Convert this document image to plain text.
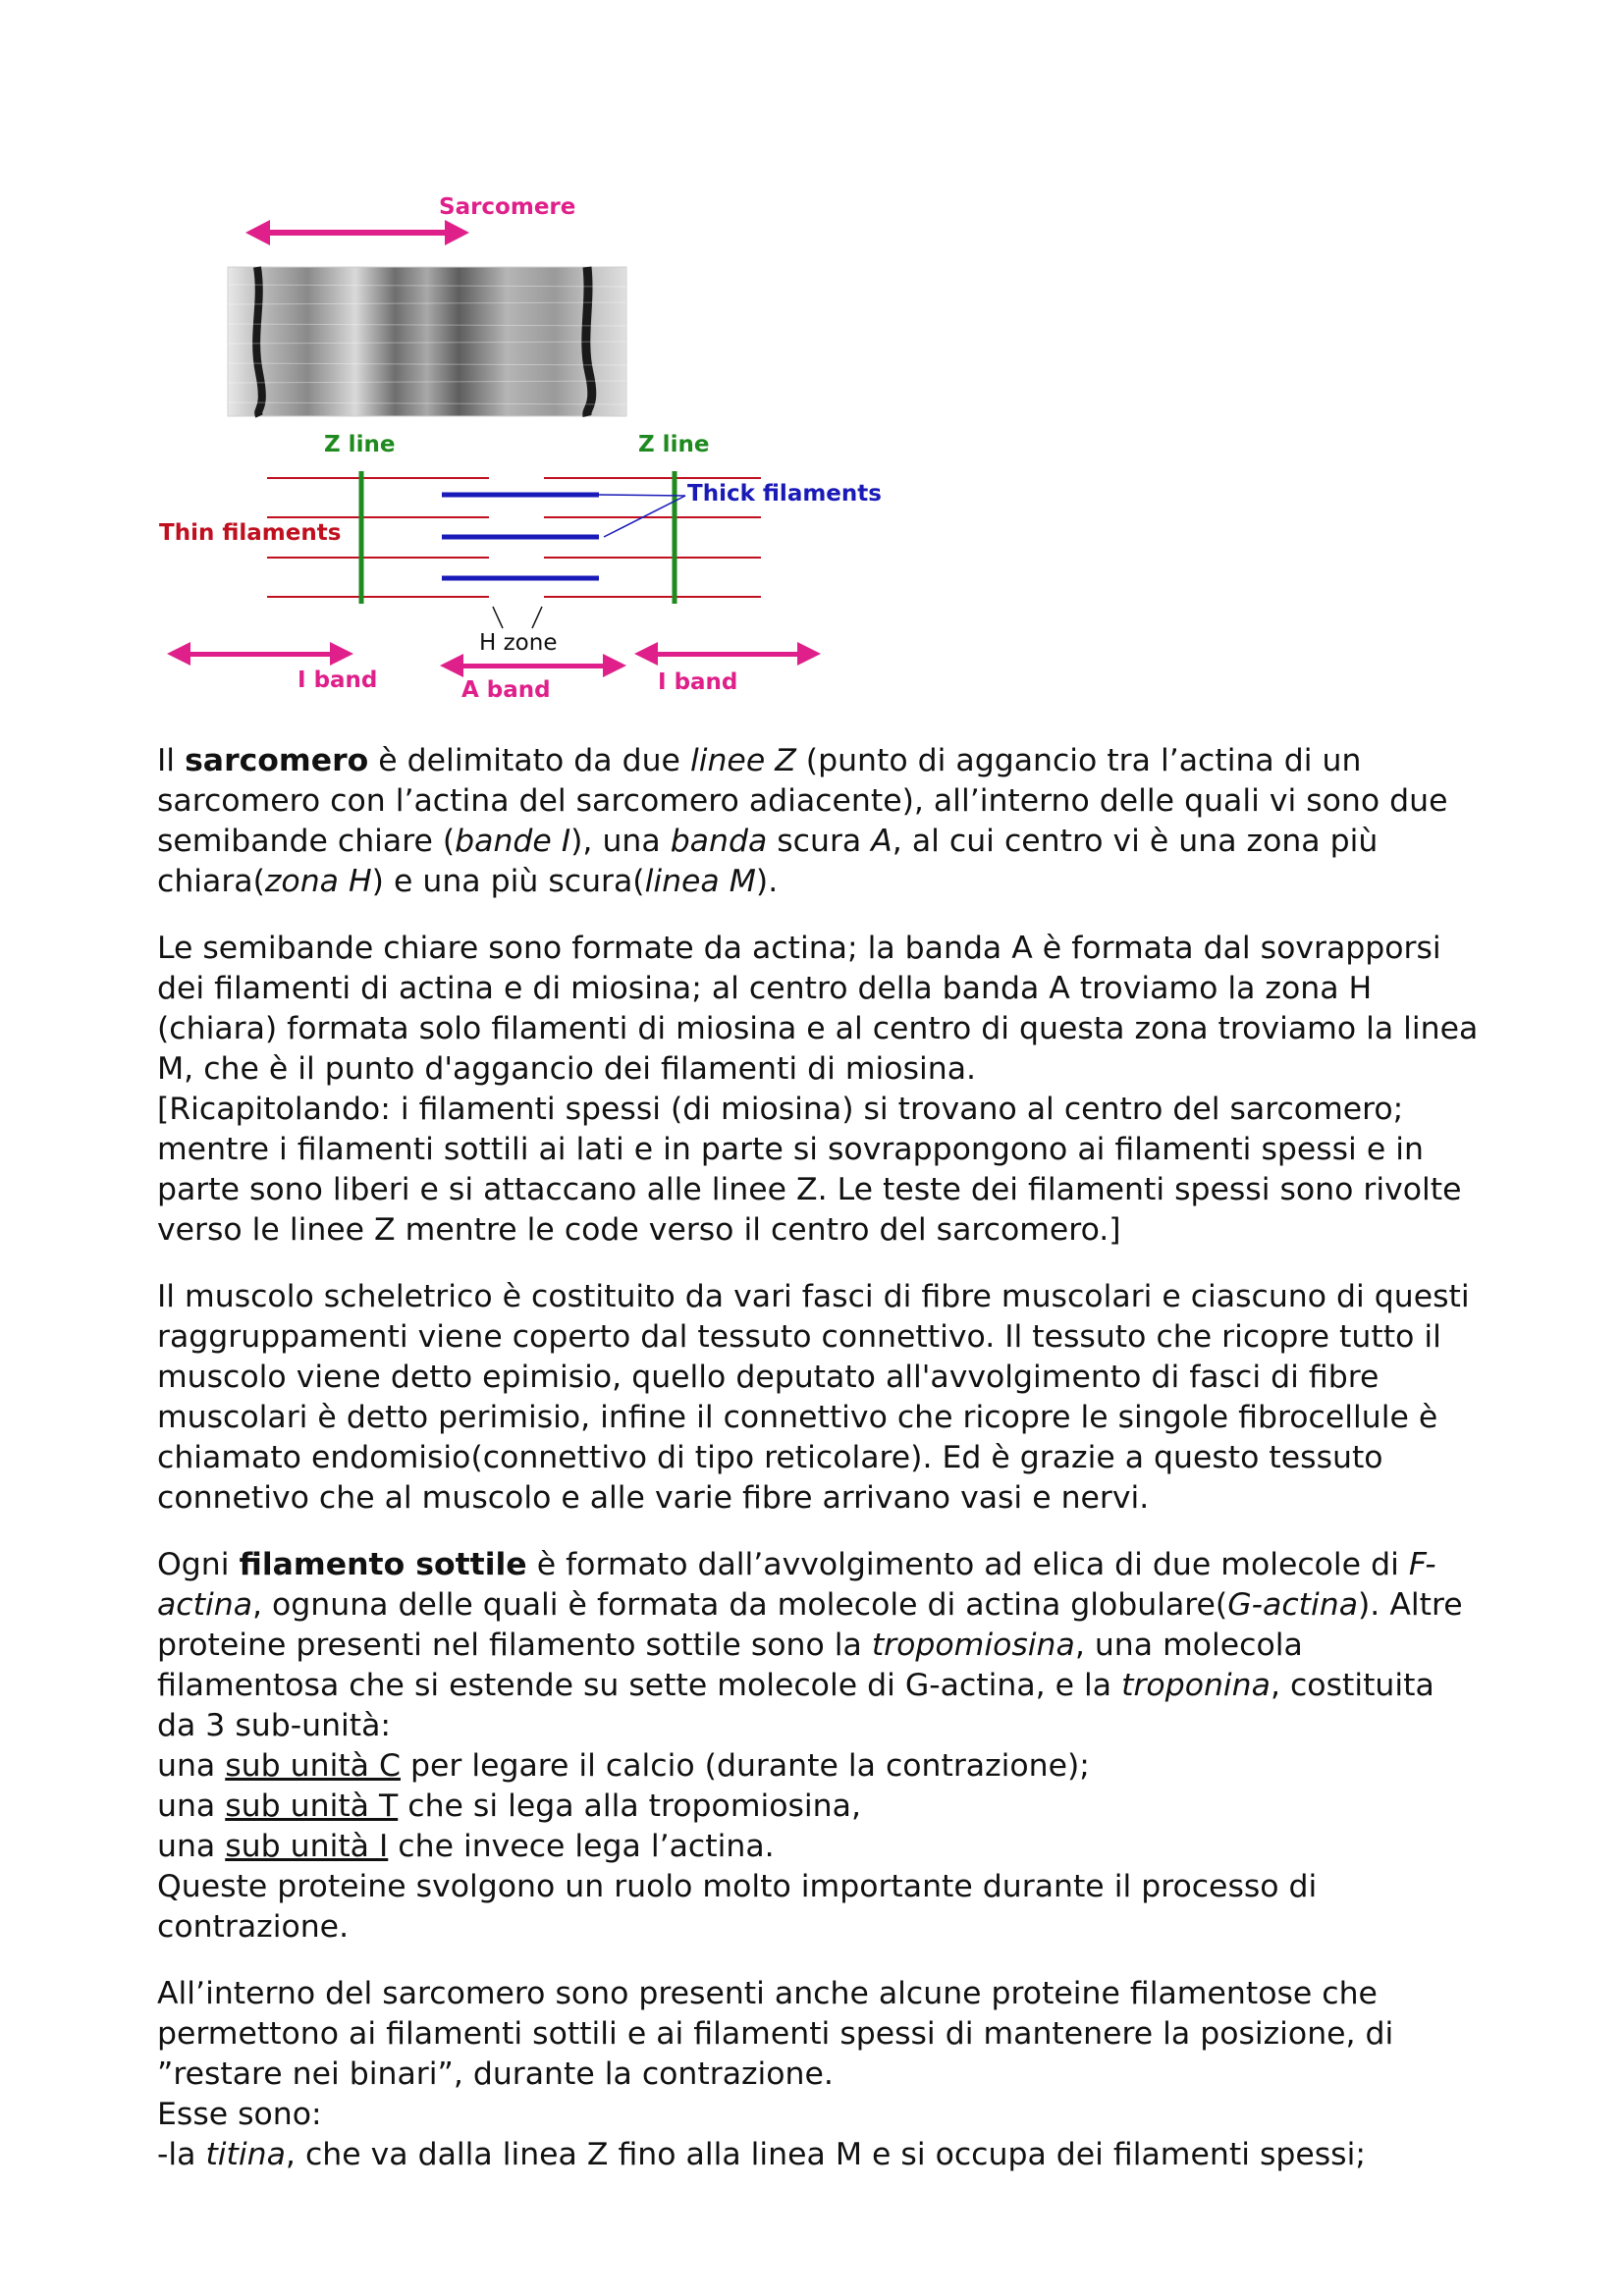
Sarcomere
Z line	Z line
Thick filaments
Thin filaments
H zone
I band	A band	I band

Il sarcomero è delimitato da due linee Z (punto di aggancio tra l’actina di un sarcomero con l’actina del sarcomero adiacente), all’interno delle quali vi sono due semibande chiare (bande I), una banda scura A, al cui centro vi è una zona più chiara(zona H) e una più scura(linea M).

Le semibande chiare sono formate da actina; la banda A è formata dal sovrapporsi dei filamenti di actina e di miosina; al centro della banda A troviamo la zona H (chiara) formata solo filamenti di miosina e al centro di questa zona troviamo la linea M, che è il punto d'aggancio dei filamenti di miosina.
[Ricapitolando: i filamenti spessi (di miosina) si trovano al centro del sarcomero; mentre i filamenti sottili ai lati e in parte si sovrappongono ai filamenti spessi e in parte sono liberi e si attaccano alle linee Z. Le teste dei filamenti spessi sono rivolte verso le linee Z mentre le code verso il centro del sarcomero.]

Il muscolo scheletrico è costituito da vari fasci di fibre muscolari e ciascuno di questi raggruppamenti viene coperto dal tessuto connettivo. Il tessuto che ricopre tutto il muscolo viene detto epimisio, quello deputato all'avvolgimento di fasci di fibre muscolari è detto perimisio, infine il connettivo che ricopre le singole fibrocellule è chiamato endomisio(connettivo di tipo reticolare). Ed è grazie a questo tessuto connetivo che al muscolo e alle varie fibre arrivano vasi e nervi.

Ogni filamento sottile è formato dall’avvolgimento ad elica di due molecole di F-actina, ognuna delle quali è formata da molecole di actina globulare(G-actina). Altre proteine presenti nel filamento sottile sono la tropomiosina, una molecola filamentosa che si estende su sette molecole di G-actina, e la troponina, costituita da 3 sub-unità:
una sub unità C per legare il calcio (durante la contrazione);
una sub unità T che si lega alla tropomiosina,
una sub unità I che invece lega l’actina.
Queste proteine svolgono un ruolo molto importante durante il processo di contrazione.

All’interno del sarcomero sono presenti anche alcune proteine filamentose che permettono ai filamenti sottili e ai filamenti spessi di mantenere la posizione, di ”restare nei binari”, durante la contrazione.
Esse sono:
-la titina, che va dalla linea Z fino alla linea M e si occupa dei filamenti spessi;
